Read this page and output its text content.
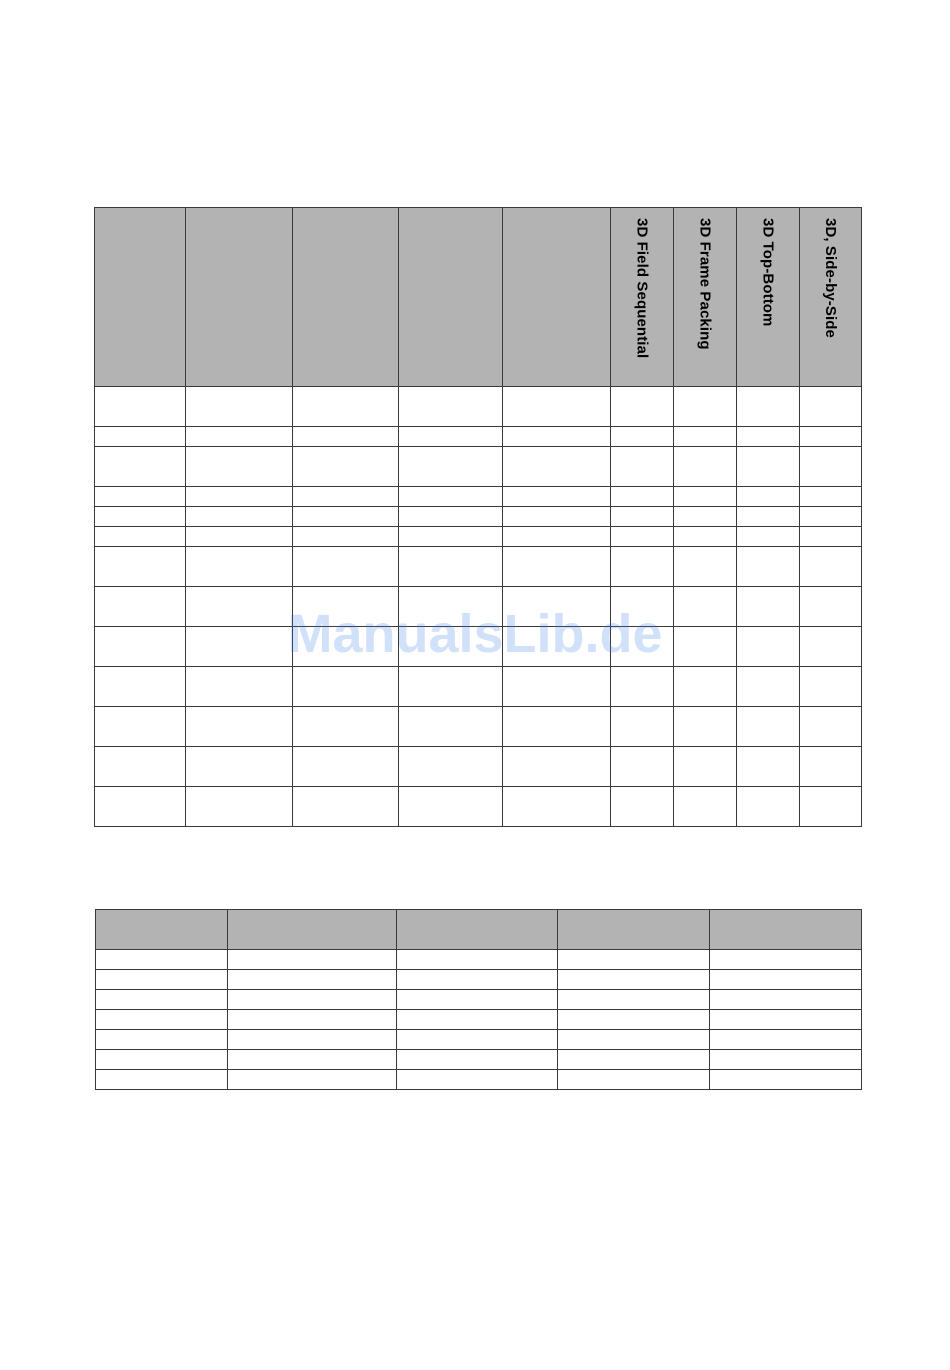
					3D Field Sequential	3D Frame Packing	3D Top-Bottom	3D, Side-by-Side

ManualsLib.de
